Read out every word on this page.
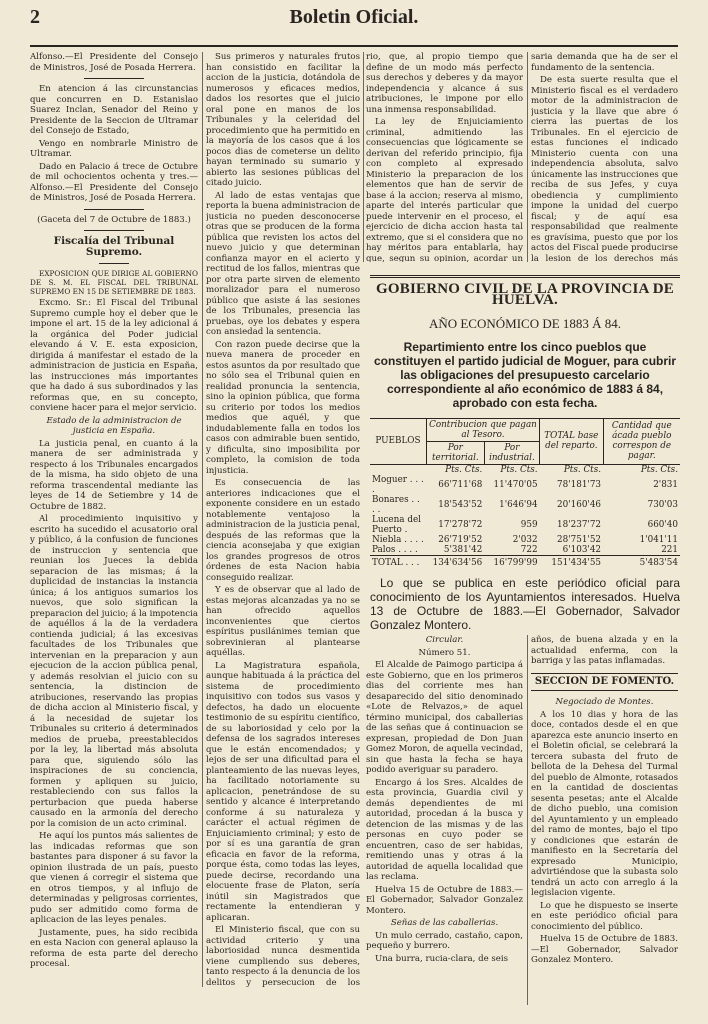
2	Boletin Oficial.

Alfonso.—El Presidente del Consejo de Ministros, José de Posada Herrera.

En atencion á las circunstancias que concurren en D. Estanislao Suarez Inclan, Senador del Reino y Presidente de la Seccion de Ultramar del Consejo de Estado,

Vengo en nombrarle Ministro de Ultramar.

Dado en Palacio á trece de Octubre de mil ochocientos ochenta y tres.—Alfonso.—El Presidente del Consejo de Ministros, José de Posada Herrera.

(Gaceta del 7 de Octubre de 1883.)

Fiscalía del Tribunal Supremo.

EXPOSICION QUE DIRIGE AL GOBIERNO DE S. M. EL FISCAL DEL TRIBUNAL SUPREMO EN 15 DE SETIEMBRE DE 1883.

Excmo. Sr.: El Fiscal del Tribunal Supremo cumple hoy el deber que le impone el art. 15 de la ley adicional á la orgánica del Poder judicial elevando á V. E. esta exposicion, dirigida á manifestar el estado de la administracion de justicia en España, las instrucciones más importantes que ha dado á sus subordinados y las reformas que, en su concepto, conviene hacer para el mejor servicio.

Estado de la administracion de justicia en España.

La justicia penal, en cuanto á la manera de ser administrada y respecto á los Tribunales encargados de la misma, ha sido objeto de una reforma trascendental mediante las leyes de 14 de Setiembre y 14 de Octubre de 1882.

Al procedimiento inquisitivo y escrito ha sucedido el acusatorio oral y público, á la confusion de funciones de instruccion y sentencia que reunian los Jueces la debida separacion de las mismas; á la duplicidad de instancias la instancia única; á los antiguos sumarios los nuevos, que solo significan la preparacion del juicio; á la impotencia de aquéllos á la de la verdadera contienda judicial; á las excesivas facultades de los Tribunales que intervenian en la preparacion y aun ejecucion de la accion pública penal, y además resolvian el juicio con su sentencia, la distincion de atribuciones, reservando las propias de dicha accion al Ministerio fiscal, y á la necesidad de sujetar los Tribunales su criterio á determinados medios de prueba, preestablecidos por la ley, la libertad más absoluta para que, siguiendo sólo las inspiraciones de su conciencia, formen y apliquen su juicio, restableciendo con sus fallos la perturbacion que pueda haberse causado en la armonía del derecho por la comision de un acto criminal.

He aquí los puntos más salientes de las indicadas reformas que son bastantes para disponer á su favor la opinion ilustrada de un país, puesto que vienen á corregir el sistema que en otros tiempos, y al influjo de determinadas y peligrosas corrientes, pudo ser admitido como forma de aplicacion de las leyes penales.

Justamente, pues, ha sido recibida en esta Nacion con general aplauso la reforma de esta parte del derecho procesal.

Sus primeros y naturales frutos han consistido en facilitar la accion de la justicia, dotándola de numerosos y eficaces medios, dados los resortes que el juicio oral pone en manos de los Tribunales y la celeridad del procedimiento que ha permitido en la mayoría de los casos que á los pocos dias de cometerse un delito hayan terminado su sumario y abierto las sesiones públicas del citado juicio.

Al lado de estas ventajas que reporta la buena administracion de justicia no pueden desconocerse otras que se producen de la forma pública que revisten los actos del nuevo juicio y que determinan confianza mayor en el acierto y rectitud de los fallos, mientras que por otra parte sirven de elemento moralizador para el numeroso público que asiste á las sesiones de los Tribunales, presencia las pruebas, oye los debates y espera con ansiedad la sentencia.

Con razon puede decirse que la nueva manera de proceder en estos asuntos da por resultado que no sólo sea el Tribunal quien en realidad pronuncia la sentencia, sino la opinion pública, que forma su criterio por todos los medios medios que aquél, y que indudablemente falla en todos los casos con admirable buen sentido, y dificulta, sino imposibilita por completo, la comision de toda injusticia.

Es consecuencia de las anteriores indicaciones que el exponente considere en un estado notablemente ventajoso la administracion de la justicia penal, después de las reformas que la ciencia aconsejaba y que exigian los grandes progresos de otros órdenes de esta Nacion habia conseguido realizar.

Y es de observar que al lado de estas mejoras alcanzadas ya no se han ofrecido aquellos inconvenientes que ciertos espíritus pusilánimes temian que sobrevinieran al plantearse aquéllas.

La Magistratura española, aunque habituada á la práctica del sistema de procedimiento inquisitivo con todos sus vasos y defectos, ha dado un elocuente testimonio de su espíritu científico, de su laboriosidad y celo por la defensa de los sagrados intereses que le están encomendados; y lejos de ser una dificultad para el planteamiento de las nuevas leyes, ha facilitado notoriamente su aplicacion, penetrándose de su sentido y alcance é interpretando conforme á su naturaleza y carácter el actual régimen de Enjuiciamiento criminal; y esto de por sí es una garantía de gran eficacia en favor de la reforma, porque ésta, como todas las leyes, puede decirse, recordando una elocuente frase de Platon, sería inútil sin Magistrados que rectamente la entendieran y aplicaran.

El Ministerio fiscal, que con su actividad criterio y una laboriosidad nunca desmentida viene cumpliendo sus deberes, tanto respecto á la denuncia de los delitos y persecucion de los

rio, que, al propio tiempo que define de un modo más perfecto sus derechos y deberes y da mayor independencia y alcance á sus atribuciones, le impone por ello una inmensa responsabilidad.

La ley de Enjuiciamiento criminal, admitiendo las consecuencias que lógicamente se derivan del referido principio, fija con completo al expresado Ministerio la preparacion de los elementos que han de servir de base á la accion; reserva al mismo, aparte del interés particular que puede intervenir en el proceso, el ejercicio de dicha accion hasta tal extremo, que si el considera que no hay méritos para entablarla, hay que, segun su opinion, acordar un

saria demanda que ha de ser el fundamento de la sentencia.

De esta suerte resulta que el Ministerio fiscal es el verdadero motor de la administracion de justicia y la llave que abre ó cierra las puertas de los Tribunales. En el ejercicio de estas funciones el indicado Ministerio cuenta con una independencia absoluta, salvo únicamente las instrucciones que reciba de sus Jefes, y cuya obediencia y cumplimiento impone la unidad del cuerpo fiscal; y de aquí esa responsabilidad que realmente es gravísima, puesto que por los actos del Fiscal puede producirse la lesion de los derechos más

GOBIERNO CIVIL DE LA PROVINCIA DE HUELVA.
AÑO ECONÓMICO DE 1883 Á 84.
Repartimiento entre los cinco pueblos que constituyen el partido judicial de Moguer, para cubrir las obligaciones del presupuesto carcelario correspondiente al año económico de 1883 á 84, aprobado con esta fecha.
PUEBLOS	Contribucion que pagan al Tesoro.		TOTAL base del reparto.	Cantidad que ácada pueblo correspon de pagar.
	Por territorial.	Por industrial.		
	Pts. Cts.	Pts. Cts.	Pts. Cts.	Pts. Cts.
Moguer . . . .	66'711'68	11'470'05	78'181'73	2'831
Bonares . . . .	18'543'52	1'646'94	20'160'46	730'03
Lucena del Puerto .	17'278'72	959	18'237'72	660'40
Niebla . . . .	26'719'52	2'032	28'751'52	1'041'11
Palos . . . .	5'381'42	722	6'103'42	221
TOTAL . . .	134'634'56	16'799'99	151'434'55	5'483'54
Lo que se publica en este periódico oficial para conocimiento de los Ayuntamientos interesados. Huelva 13 de Octubre de 1883.—El Gobernador, Salvador Gonzalez Montero.

Circular.

Número 51.

El Alcalde de Paimogo participa á este Gobierno, que en los primeros dias del corriente mes han desaparecido del sitio denominado «Lote de Relvazos,» de aquel término municipal, dos caballerias de las señas que á continuacion se expresan, propiedad de Don Juan Gomez Moron, de aquella vecindad, sin que hasta la fecha se haya podido averiguar su paradero.

Encargo á los Sres. Alcaldes de esta provincia, Guardia civil y demás dependientes de mi autoridad, procedan á la busca y detencion de las mismas y de las personas en cuyo poder se encuentren, caso de ser habidas, remitiendo unas y otras á la autoridad de aquella localidad que las reclama.

Huelva 15 de Octubre de 1883.—El Gobernador, Salvador Gonzalez Montero.

Señas de las caballerias.

Un mulo cerrado, castaño, capon, pequeño y burrero.

Una burra, rucia-clara, de seis

años, de buena alzada y en la actualidad enferma, con la barriga y las patas inflamadas.

SECCION DE FOMENTO.

Negociado de Montes.

A los 10 dias y hora de las doce, contados desde el en que aparezca este anuncio inserto en el Boletin oficial, se celebrará la tercera subasta del fruto de bellota de la Dehesa del Turmal del pueblo de Almonte, rotasados en la cantidad de doscientas sesenta pesetas; ante el Alcalde de dicho pueblo, una comision del Ayuntamiento y un empleado del ramo de montes, bajo el tipo y condiciones que estarán de manifiesto en la Secretaría del expresado Municipio, advirtiéndose que la subasta solo tendrá un acto con arreglo á la legislacion vigente.

Lo que he dispuesto se inserte en este periódico oficial para conocimiento del público.

Huelva 15 de Octubre de 1883.—El Gobernador, Salvador Gonzalez Montero.
